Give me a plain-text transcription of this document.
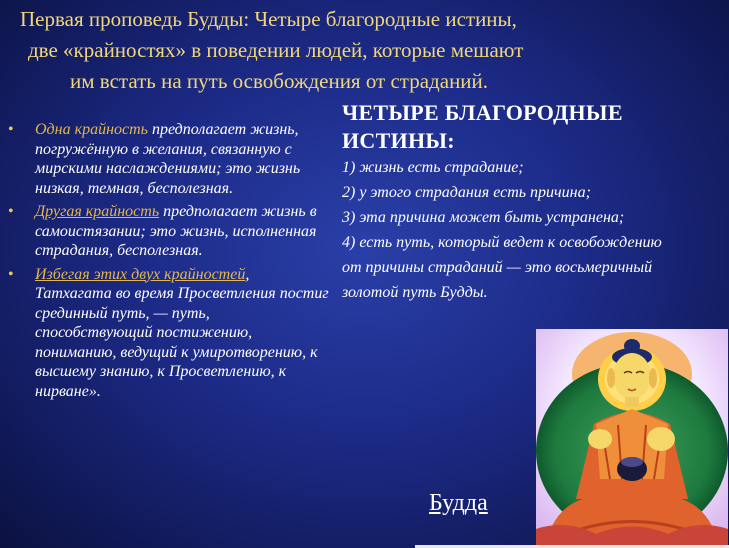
Первая проповедь Будды: Четыре благородные истины,
две «крайностях» в поведении людей, которые мешают
им встать на путь освобождения от страданий.
• Одна крайность предполагает жизнь, погружённую в желания, связанную с мирскими наслаждениями; это жизнь низкая, темная, бесполезная.
• Другая крайность предполагает жизнь в самоистязании; это жизнь, исполненная страдания, бесполезная.
• Избегая этих двух крайностей, Татхагата во время Просветления постиг срединный путь, — путь, способствующий постижению, пониманию, ведущий к умиротворению, к высшему знанию, к Просветлению, к нирване».
ЧЕТЫРЕ БЛАГОРОДНЫЕ ИСТИНЫ:
1) жизнь есть страдание;
2) у этого страдания есть причина;
3) эта причина может быть устранена;
4) есть путь, который ведет к освобождению от причины страданий — это восьмеричный золотой путь Будды.
Будда
